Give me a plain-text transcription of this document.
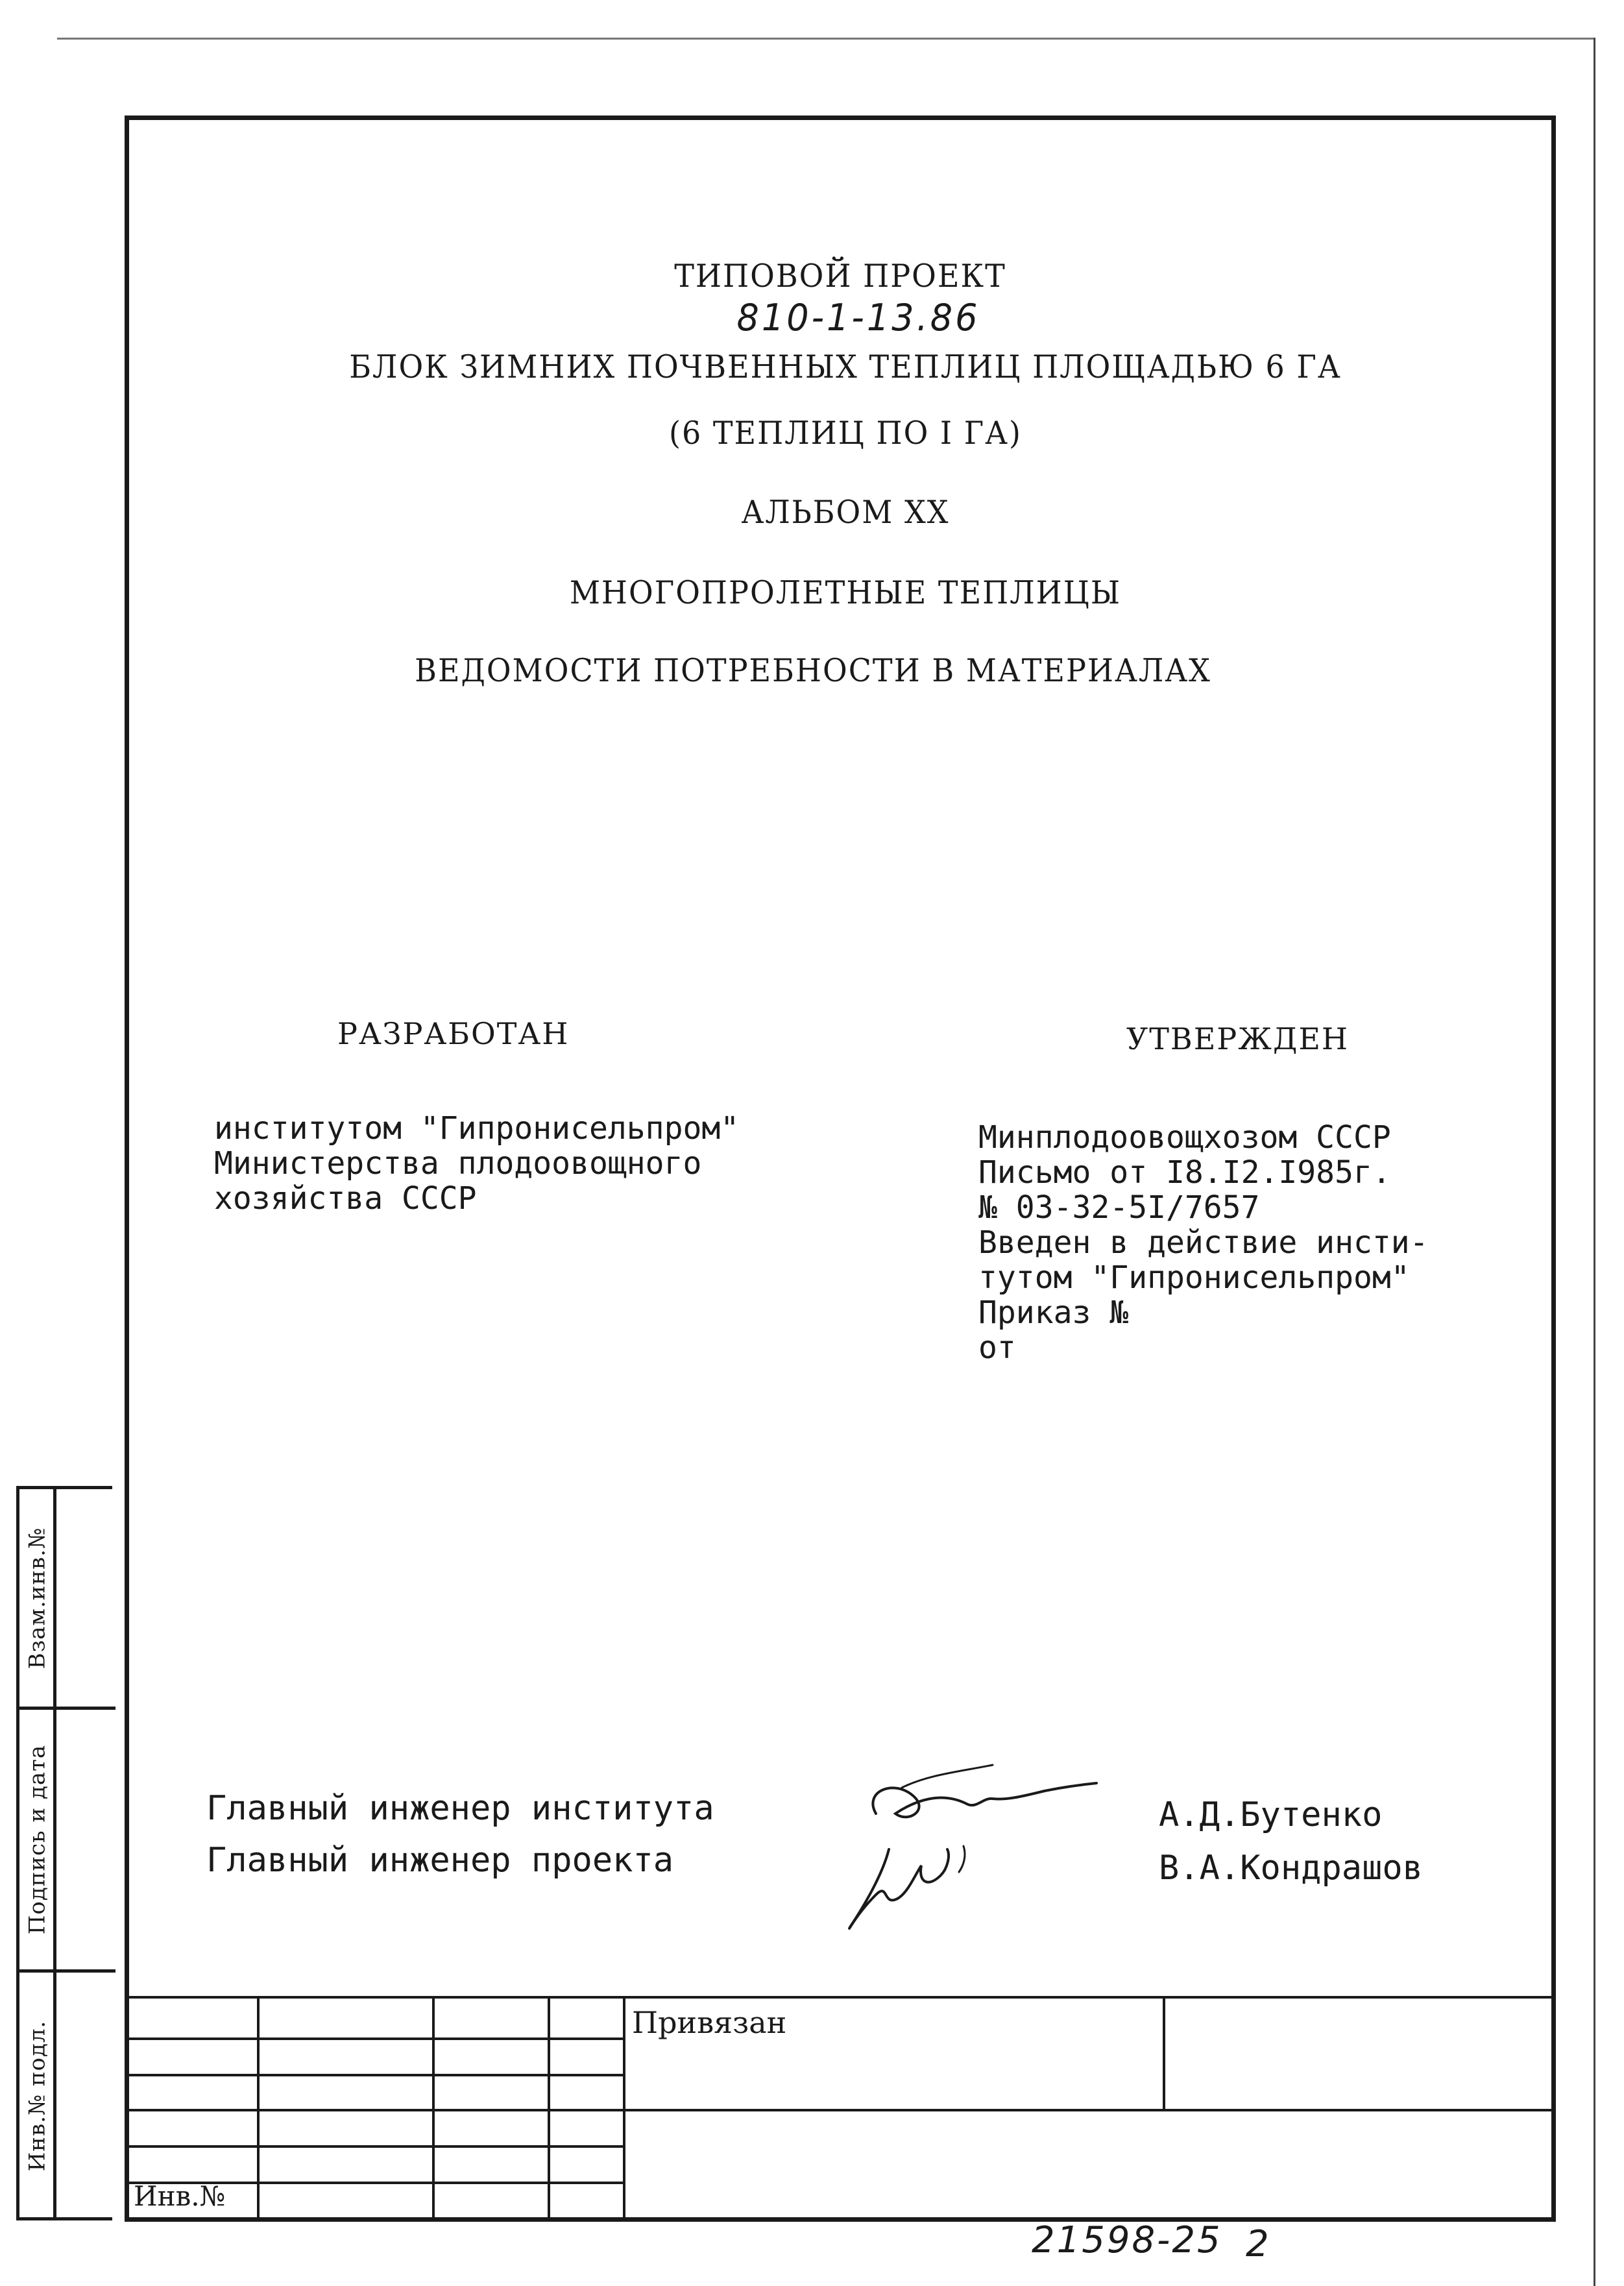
ТИПОВОЙ ПРОЕКТ
810-1-13.86
БЛОК ЗИМНИХ ПОЧВЕННЫХ ТЕПЛИЦ ПЛОЩАДЬЮ 6 ГА
(6 ТЕПЛИЦ ПО I ГА)
АЛЬБОМ XX
МНОГОПРОЛЕТНЫЕ ТЕПЛИЦЫ
ВЕДОМОСТИ ПОТРЕБНОСТИ В МАТЕРИАЛАХ
РАЗРАБОТАН
институтом "Гипронисельпром"
Министерства плодоовощного
хозяйства СССР
УТВЕРЖДЕН
Минплодоовощхозом СССР
Письмо от I8.I2.I985г.
№ 03-32-5I/7657
Введен в действие инсти-
тутом "Гипронисельпром"
Приказ №
от
Главный инженер института
Главный инженер проекта
А.Д.Бутенко
В.А.Кондрашов
Взам.инв.№
Подпись и дата
Инв.№ подл.	Привязан
Инв.№
21598-25 2
